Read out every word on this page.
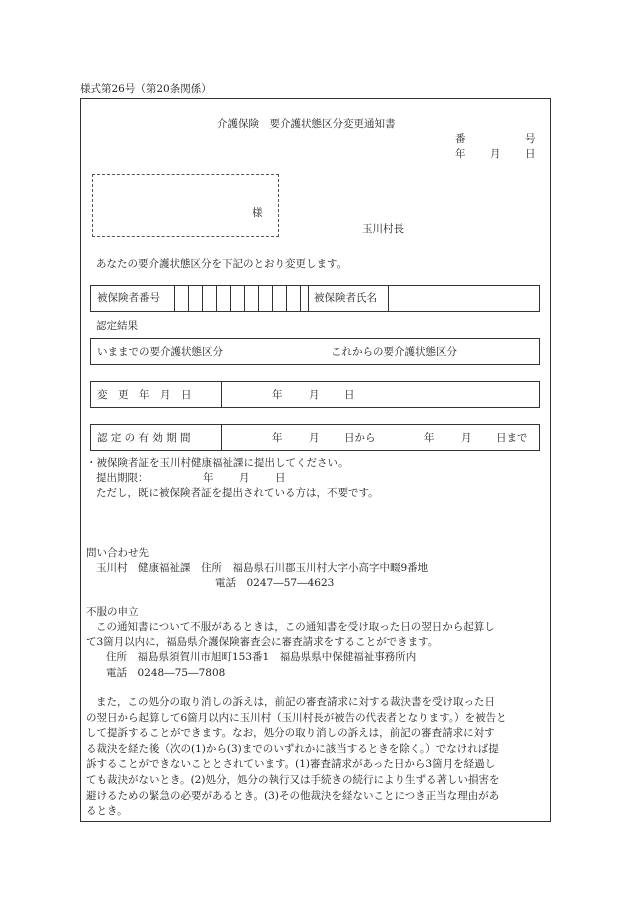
様式第26号（第20条関係）
介護保険　要介護状態区分変更通知書
番	号
年 月 日
様
玉川村長
あなたの要介護状態区分を下記のとおり変更します。
被保険者番号	被保険者氏名
認定結果
いままでの要介護状態区分	これからの要介護状態区分
変　更　年　月　日	年	月 日
認 定 の 有 効 期 間	年	月 日から	年	月 日まで
・被保険者証を玉川村健康福祉課に提出してください。
提出期限：	年 月 日
ただし，既に被保険者証を提出されている方は，不要です。
問い合わせ先
玉川村　健康福祉課　住所　福島県石川郡玉川村大字小高字中畷9番地
電話　0247―57―4623
不服の申立
この通知書について不服があるときは，この通知書を受け取った日の翌日から起算し
て3箇月以内に，福島県介護保険審査会に審査請求をすることができます。
住所　福島県須賀川市旭町153番1　福島県県中保健福祉事務所内
電話　0248―75―7808
また，この処分の取り消しの訴えは，前記の審査請求に対する裁決書を受け取った日
の翌日から起算して6箇月以内に玉川村（玉川村長が被告の代表者となります。）を被告と
して提訴することができます。なお，処分の取り消しの訴えは，前記の審査請求に対す
る裁決を経た後（次の(1)から(3)までのいずれかに該当するときを除く。）でなければ提
訴することができないこととされています。(1)審査請求があった日から3箇月を経過し
ても裁決がないとき。(2)処分，処分の執行又は手続きの続行により生ずる著しい損害を
避けるための緊急の必要があるとき。(3)その他裁決を経ないことにつき正当な理由があ
るとき。
